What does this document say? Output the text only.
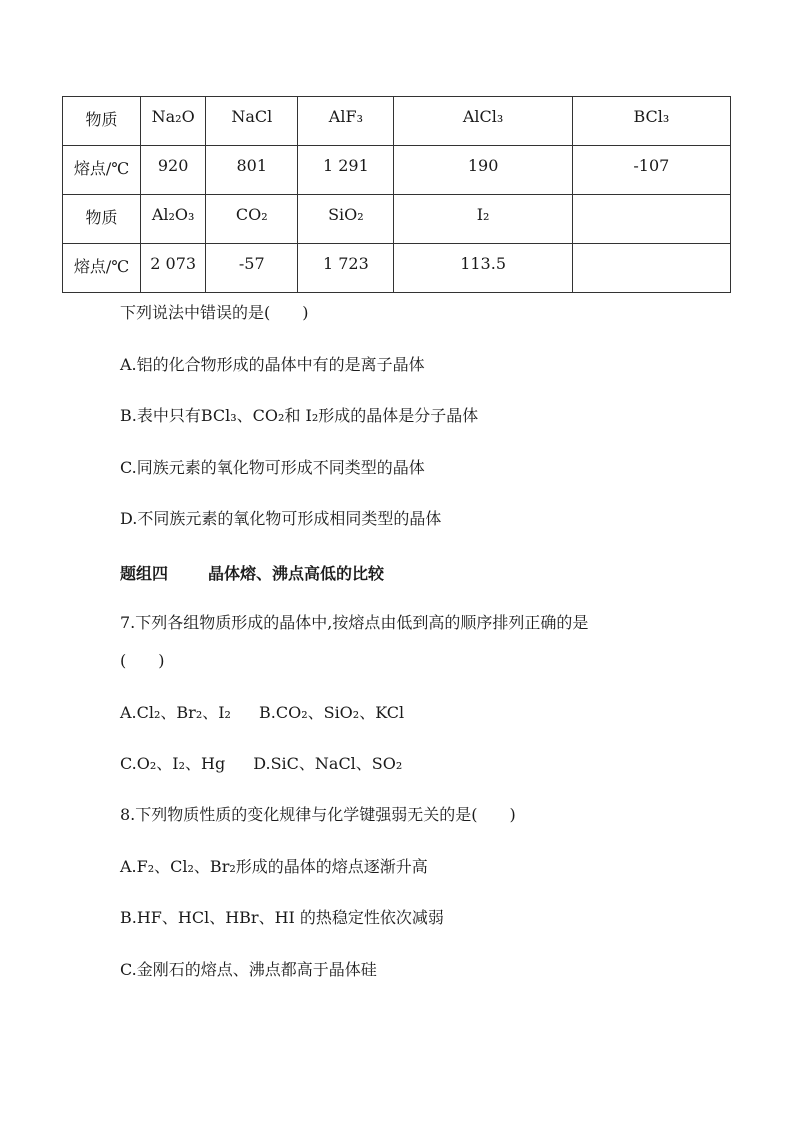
物质	Na₂O	NaCl	AlF₃	AlCl₃	BCl₃
熔点/℃	920	801	1 291	190	-107
物质	Al₂O₃	CO₂	SiO₂	I₂	
熔点/℃	2 073	-57	1 723	113.5	
下列说法中错误的是(　　)
A.铝的化合物形成的晶体中有的是离子晶体
B.表中只有BCl₃、CO₂和 I₂形成的晶体是分子晶体
C.同族元素的氧化物可形成不同类型的晶体
D.不同族元素的氧化物可形成相同类型的晶体
题组四	晶体熔、沸点高低的比较
7.下列各组物质形成的晶体中,按熔点由低到高的顺序排列正确的是
(　　)
A.Cl₂、Br₂、I₂ B.CO₂、SiO₂、KCl
C.O₂、I₂、Hg D.SiC、NaCl、SO₂
8.下列物质性质的变化规律与化学键强弱无关的是(　　)
A.F₂、Cl₂、Br₂形成的晶体的熔点逐渐升高
B.HF、HCl、HBr、HI 的热稳定性依次减弱
C.金刚石的熔点、沸点都高于晶体硅
